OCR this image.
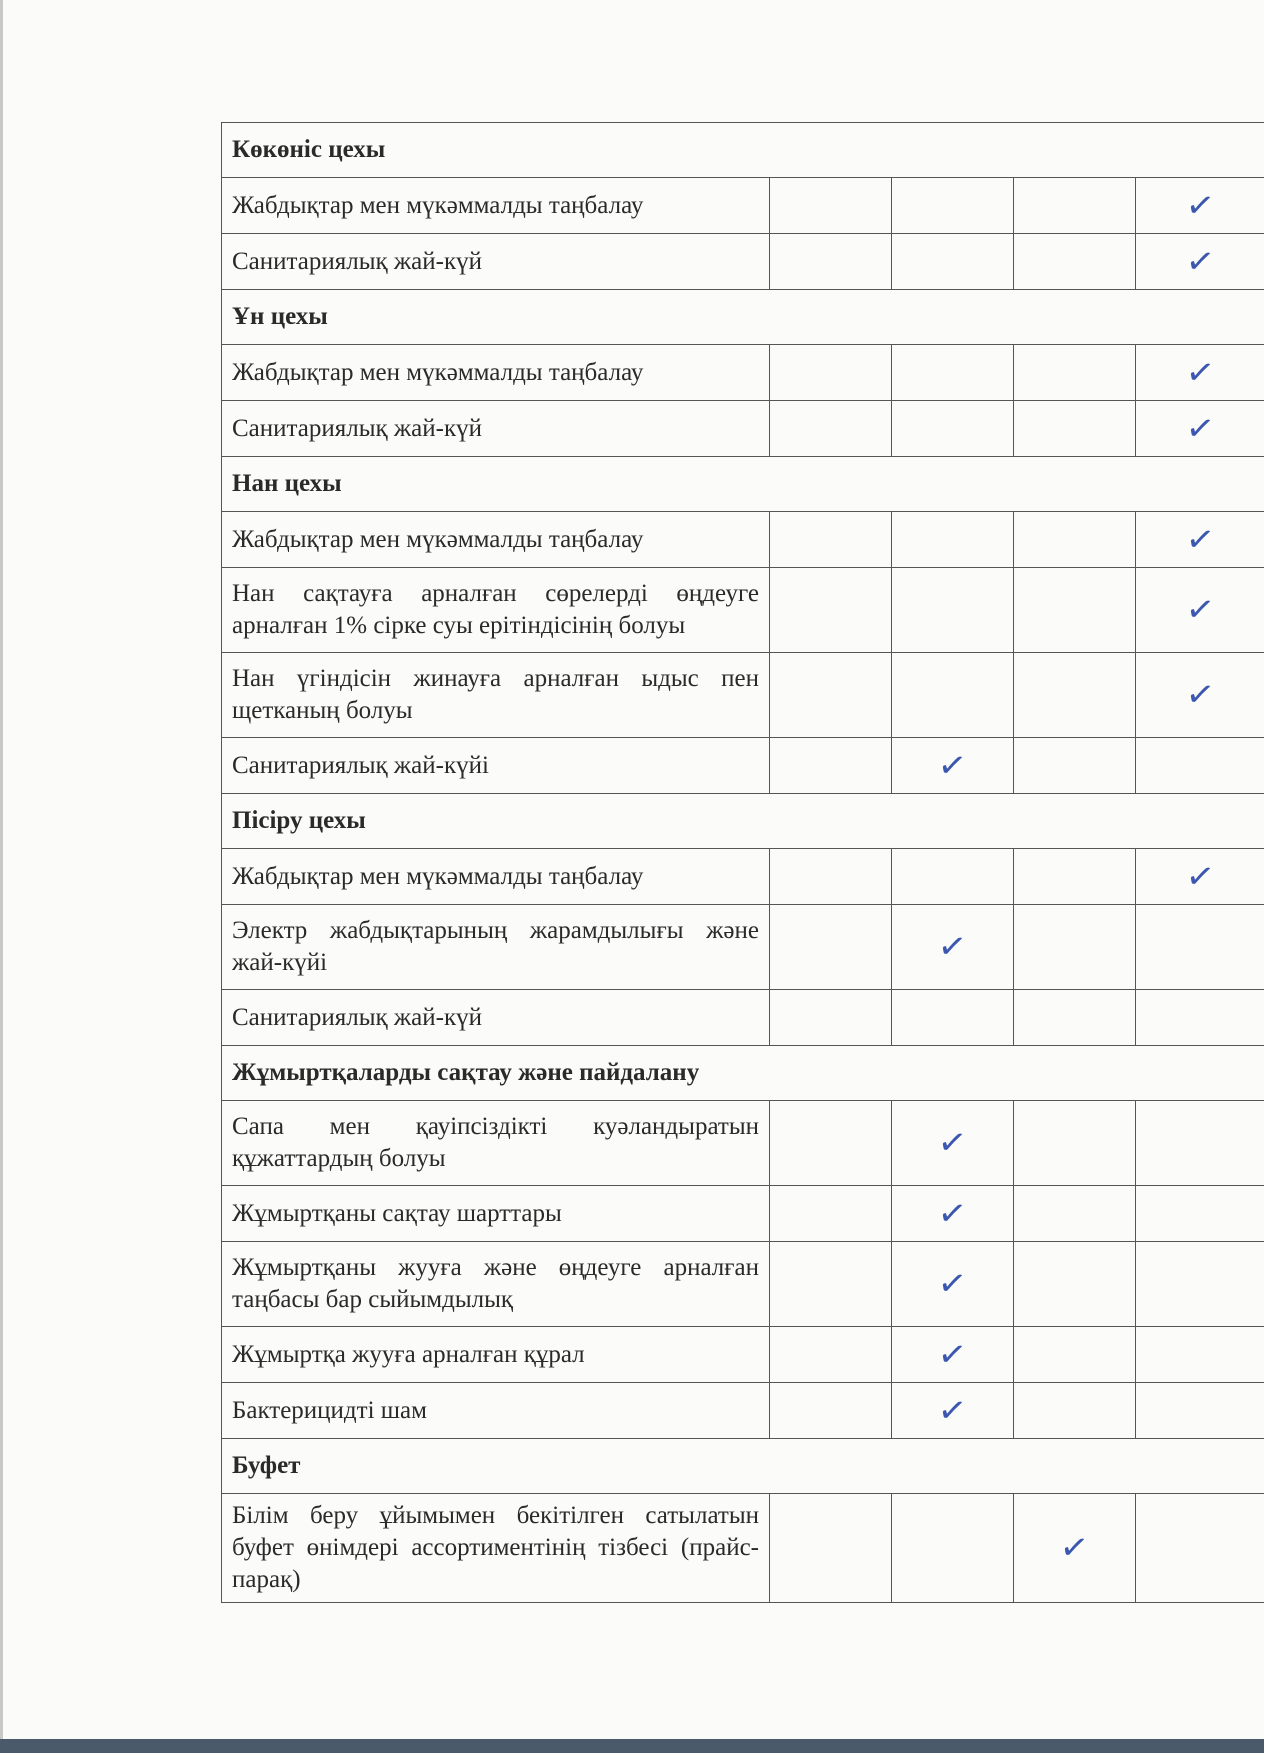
Көкөніс цехы				
Жабдықтар мен мүкәммалды таңбалау				✓
Санитариялық жай-күй				✓
Ұн цехы				
Жабдықтар мен мүкәммалды таңбалау				✓
Санитариялық жай-күй				✓
Нан цехы				
Жабдықтар мен мүкәммалды таңбалау				✓
Нан сақтауға арналған сөрелерді өңдеуге арналған 1% сірке суы ерітіндісінің болуы				✓
Нан үгіндісін жинауға арналған ыдыс пен щетканың болуы				✓
Санитариялық жай-күйі		✓		
Пісіру цехы				
Жабдықтар мен мүкәммалды таңбалау				✓
Электр жабдықтарының жарамдылығы және жай-күйі		✓		
Санитариялық жай-күй				
Жұмыртқаларды сақтау және пайдалану				
Сапа мен қауіпсіздікті куәландыратын құжаттардың болуы		✓		
Жұмыртқаны сақтау шарттары		✓		
Жұмыртқаны жууға және өңдеуге арналған таңбасы бар сыйымдылық		✓		
Жұмыртқа жууға арналған құрал		✓		
Бактерицидті шам		✓		
Буфет				
Білім беру ұйымымен бекітілген сатылатын буфет өнімдері ассортиментінің тізбесі (прайс-парақ)			✓	
